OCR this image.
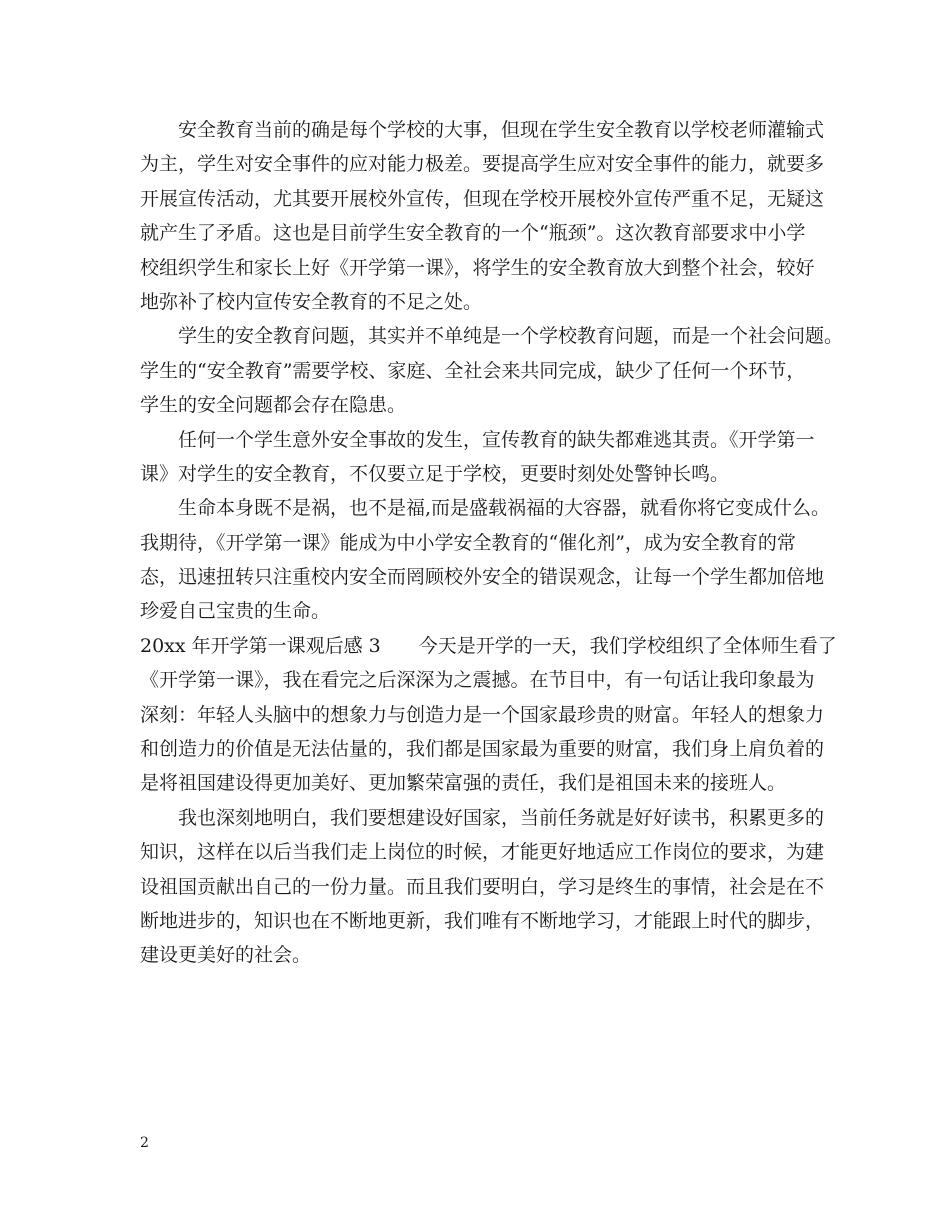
安全教育当前的确是每个学校的大事，但现在学生安全教育以学校老师灌输式
为主，学生对安全事件的应对能力极差。要提高学生应对安全事件的能力，就要多
开展宣传活动，尤其要开展校外宣传，但现在学校开展校外宣传严重不足，无疑这
就产生了矛盾。这也是目前学生安全教育的一个“瓶颈”。这次教育部要求中小学
校组织学生和家长上好《开学第一课》，将学生的安全教育放大到整个社会，较好
地弥补了校内宣传安全教育的不足之处。
学生的安全教育问题，其实并不单纯是一个学校教育问题，而是一个社会问题。
学生的“安全教育”需要学校、家庭、全社会来共同完成，缺少了任何一个环节，
学生的安全问题都会存在隐患。
任何一个学生意外安全事故的发生，宣传教育的缺失都难逃其责。《开学第一
课》对学生的安全教育，不仅要立足于学校，更要时刻处处警钟长鸣。
生命本身既不是祸，也不是福,而是盛载祸福的大容器，就看你将它变成什么。
我期待，《开学第一课》能成为中小学安全教育的“催化剂”，成为安全教育的常
态，迅速扭转只注重校内安全而罔顾校外安全的错误观念，让每一个学生都加倍地
珍爱自己宝贵的生命。
20xx 年开学第一课观后感 3 今天是开学的一天，我们学校组织了全体师生看了
《开学第一课》，我在看完之后深深为之震撼。在节目中，有一句话让我印象最为
深刻：年轻人头脑中的想象力与创造力是一个国家最珍贵的财富。年轻人的想象力
和创造力的价值是无法估量的，我们都是国家最为重要的财富，我们身上肩负着的
是将祖国建设得更加美好、更加繁荣富强的责任，我们是祖国未来的接班人。
我也深刻地明白，我们要想建设好国家，当前任务就是好好读书，积累更多的
知识，这样在以后当我们走上岗位的时候，才能更好地适应工作岗位的要求，为建
设祖国贡献出自己的一份力量。而且我们要明白，学习是终生的事情，社会是在不
断地进步的，知识也在不断地更新，我们唯有不断地学习，才能跟上时代的脚步，
建设更美好的社会。
2
